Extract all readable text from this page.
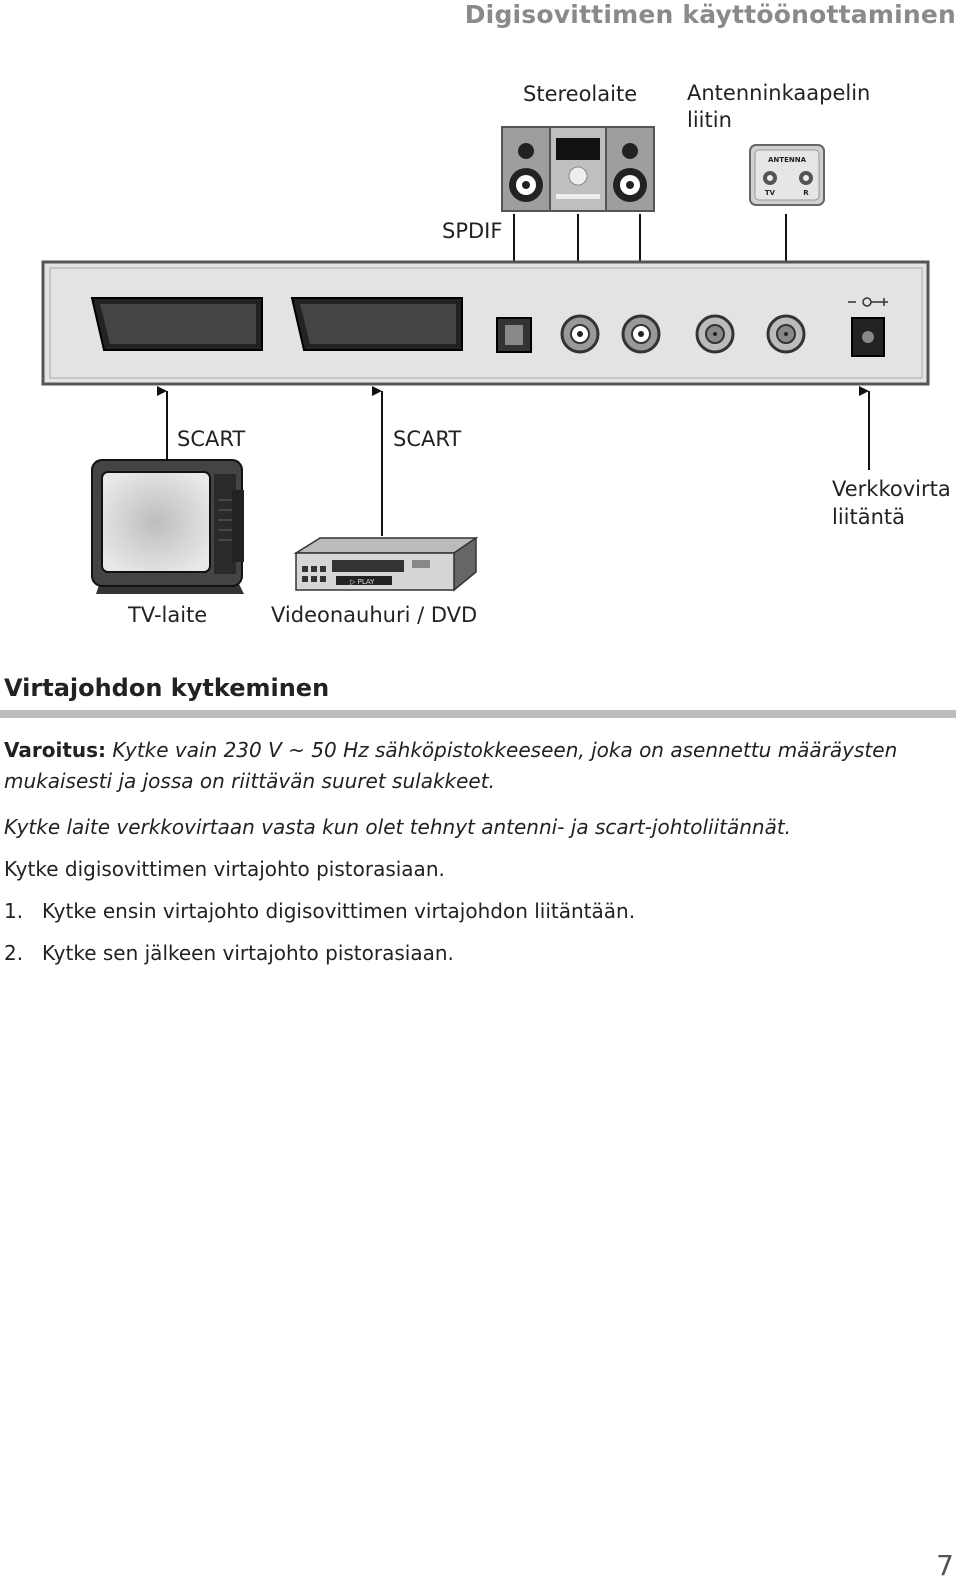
Digisovittimen käyttöönottaminen
Stereolaite
ANTENNA
TV	R
Antenninkaapelin
liitin
SPDIF
SCART	SCART
Verkkovirta
liitäntä
▷ PLAY
TV-laite	Videonauhuri / DVD
Virtajohdon kytkeminen

Varoitus: Kytke vain 230 V ~ 50 Hz sähköpistokkeeseen, joka on asennettu määräysten mukaisesti ja jossa on riittävän suuret sulakkeet.

Kytke laite verkkovirtaan vasta kun olet tehnyt antenni- ja scart-johtoliitännät.

Kytke digisovittimen virtajohto pistorasiaan.

1. Kytke ensin virtajohto digisovittimen virtajohdon liitäntään.

2. Kytke sen jälkeen virtajohto pistorasiaan.

7
